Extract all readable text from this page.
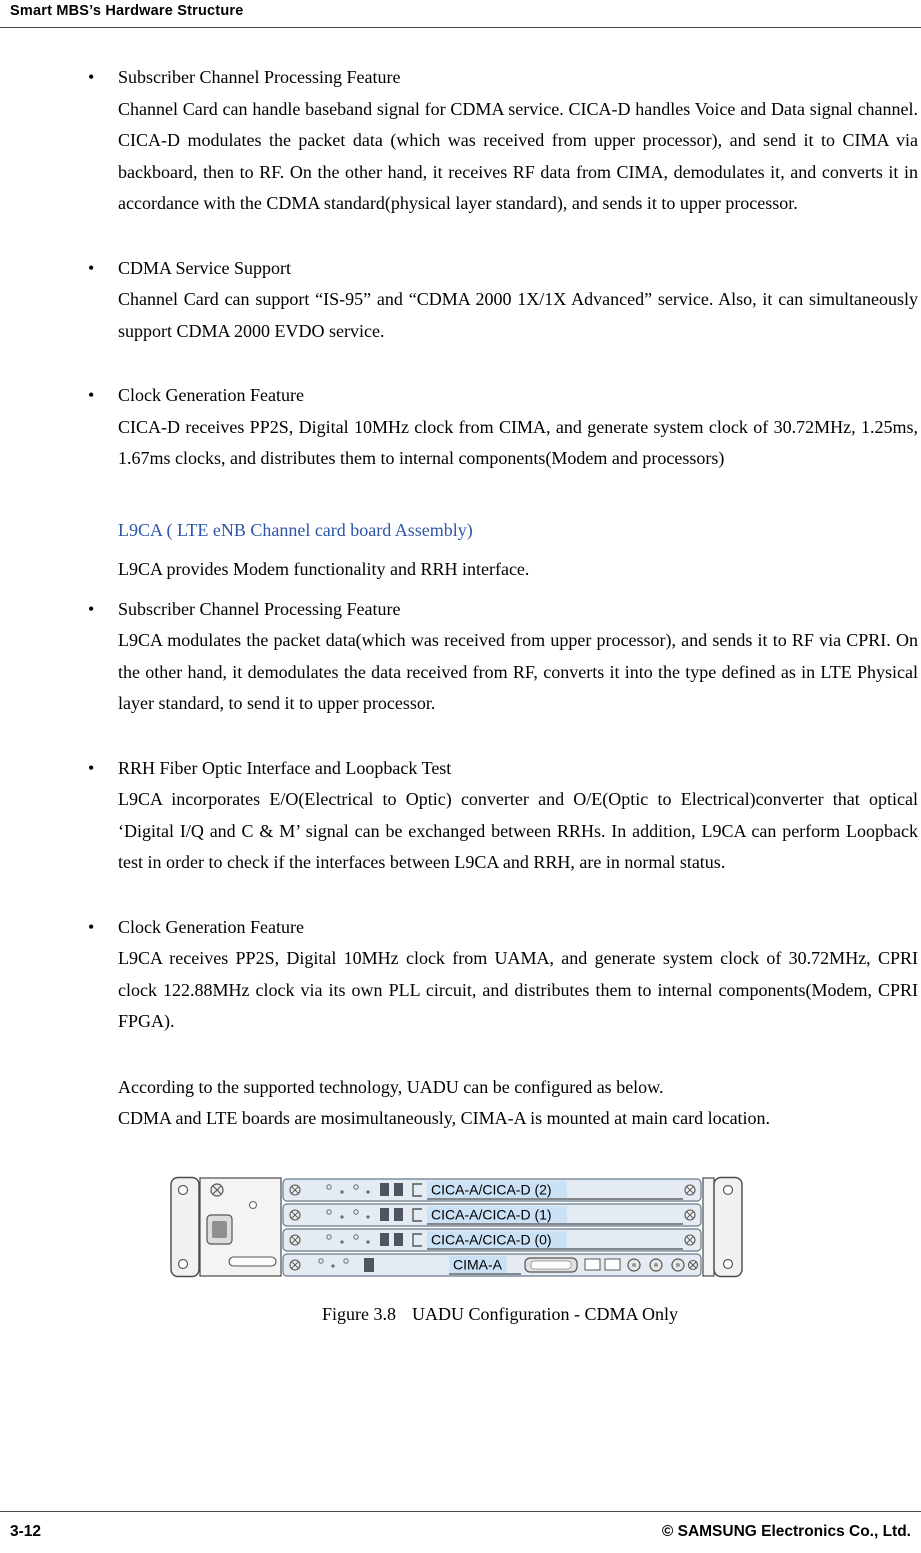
Smart MBS’s Hardware Structure
• Subscriber Channel Processing Feature

Channel Card can handle baseband signal for CDMA service. CICA-D handles Voice and Data signal channel. CICA-D modulates the packet data (which was received from upper processor), and send it to CIMA via backboard, then to RF. On the other hand, it receives RF data from CIMA, demodulates it, and converts it in accordance with the CDMA standard(physical layer standard), and sends it to upper processor.

• CDMA Service Support

Channel Card can support “IS-95” and “CDMA 2000 1X/1X Advanced” service. Also, it can simultaneously support CDMA 2000 EVDO service.

• Clock Generation Feature

CICA-D receives PP2S, Digital 10MHz clock from CIMA, and generate system clock of 30.72MHz, 1.25ms, 1.67ms clocks, and distributes them to internal components(Modem and processors)

L9CA ( LTE eNB Channel card board Assembly)

L9CA provides Modem functionality and RRH interface.

• Subscriber Channel Processing Feature

L9CA modulates the packet data(which was received from upper processor), and sends it to RF via CPRI. On the other hand, it demodulates the data received from RF, converts it into the type defined as in LTE Physical layer standard, to send it to upper processor.

• RRH Fiber Optic Interface and Loopback Test

L9CA incorporates E/O(Electrical to Optic) converter and O/E(Optic to Electrical)converter that optical ‘Digital I/Q and C & M’ signal can be exchanged between RRHs. In addition, L9CA can perform Loopback test in order to check if the interfaces between L9CA and RRH, are in normal status.

• Clock Generation Feature

L9CA receives PP2S, Digital 10MHz clock from UAMA, and generate system clock of 30.72MHz, CPRI clock 122.88MHz clock via its own PLL circuit, and distributes them to internal components(Modem, CPRI FPGA).

According to the supported technology, UADU can be configured as below.

CDMA and LTE boards are mosimultaneously, CIMA-A is mounted at main card location.

CICA-A/CICA-D (2)
CICA-A/CICA-D (1)
CICA-A/CICA-D (0)
CIMA-A
Figure 3.8 UADU Configuration - CDMA Only
3-12	© SAMSUNG Electronics Co., Ltd.
